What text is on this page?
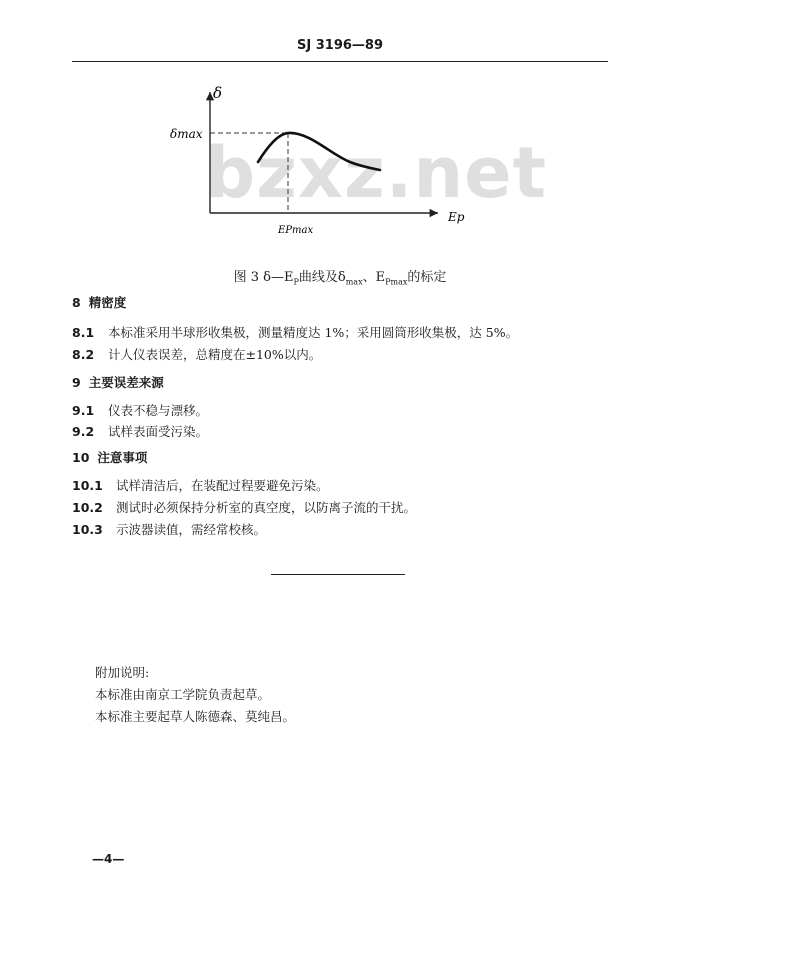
SJ 3196—89
bzxz.net
δ
δmax
Ep
EPmax
图 3 $\delta—E_P$曲线及$\delta_{max}$、$E_{Pmax}$的标定
8 精密度
8.1 本标准采用半球形收集极，测量精度达 1%；采用圆筒形收集极，达 5%。
8.2 计人仪表误差，总精度在±10%以内。
9 主要误差来源
9.1 仪表不稳与漂移。
9.2 试样表面受污染。
10 注意事项
10.1 试样清洁后，在装配过程要避免污染。
10.2 测试时必须保持分析室的真空度，以防离子流的干扰。
10.3 示波器读值，需经常校核。
附加说明:
本标准由南京工学院负责起草。
本标准主要起草人陈德森、莫纯昌。
—4—
